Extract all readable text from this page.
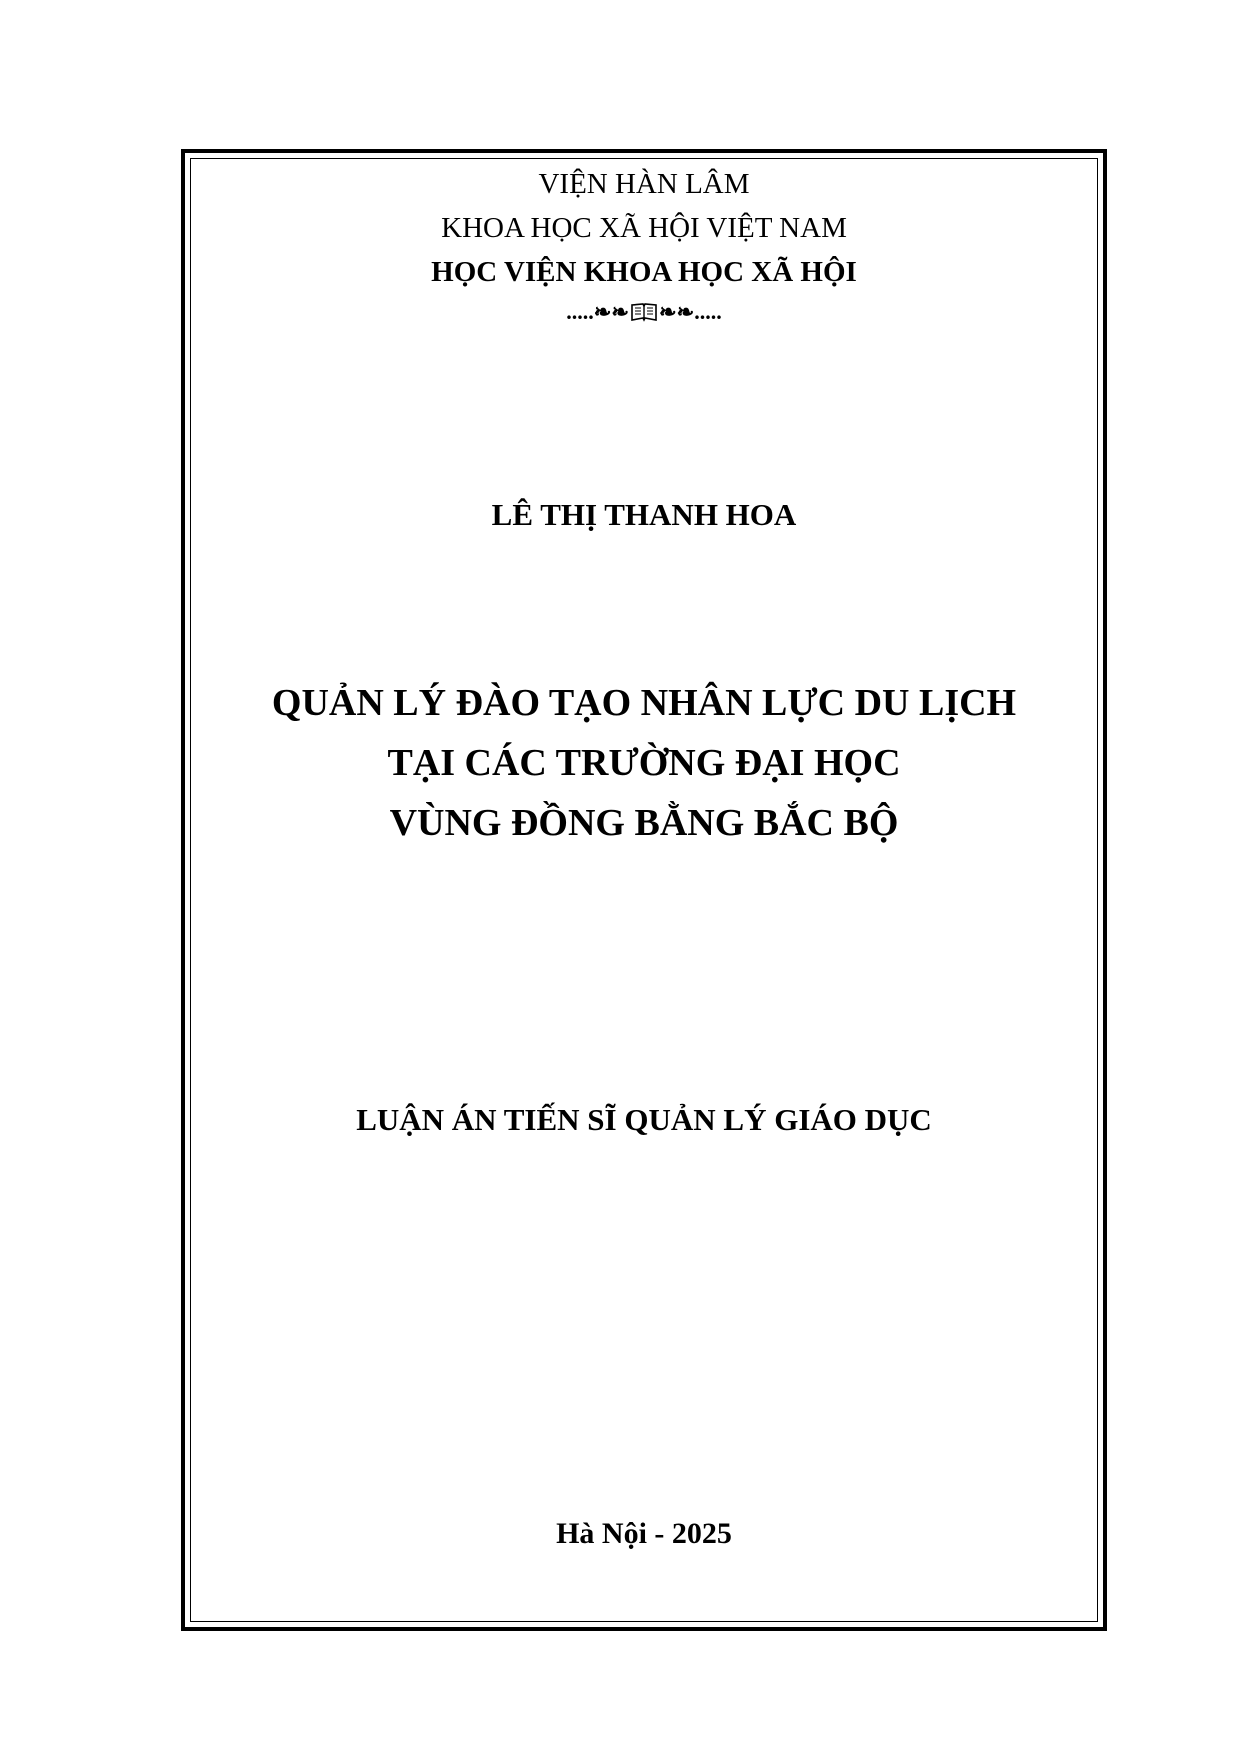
VIỆN HÀN LÂM
KHOA HỌC XÃ HỘI VIỆT NAM
HỌC VIỆN KHOA HỌC XÃ HỘI
.....❧❧ ❧❧.....
LÊ THỊ THANH HOA
QUẢN LÝ ĐÀO TẠO NHÂN LỰC DU LỊCH
TẠI CÁC TRƯỜNG ĐẠI HỌC
VÙNG ĐỒNG BẰNG BẮC BỘ
LUẬN ÁN TIẾN SĨ QUẢN LÝ GIÁO DỤC
Hà Nội - 2025
